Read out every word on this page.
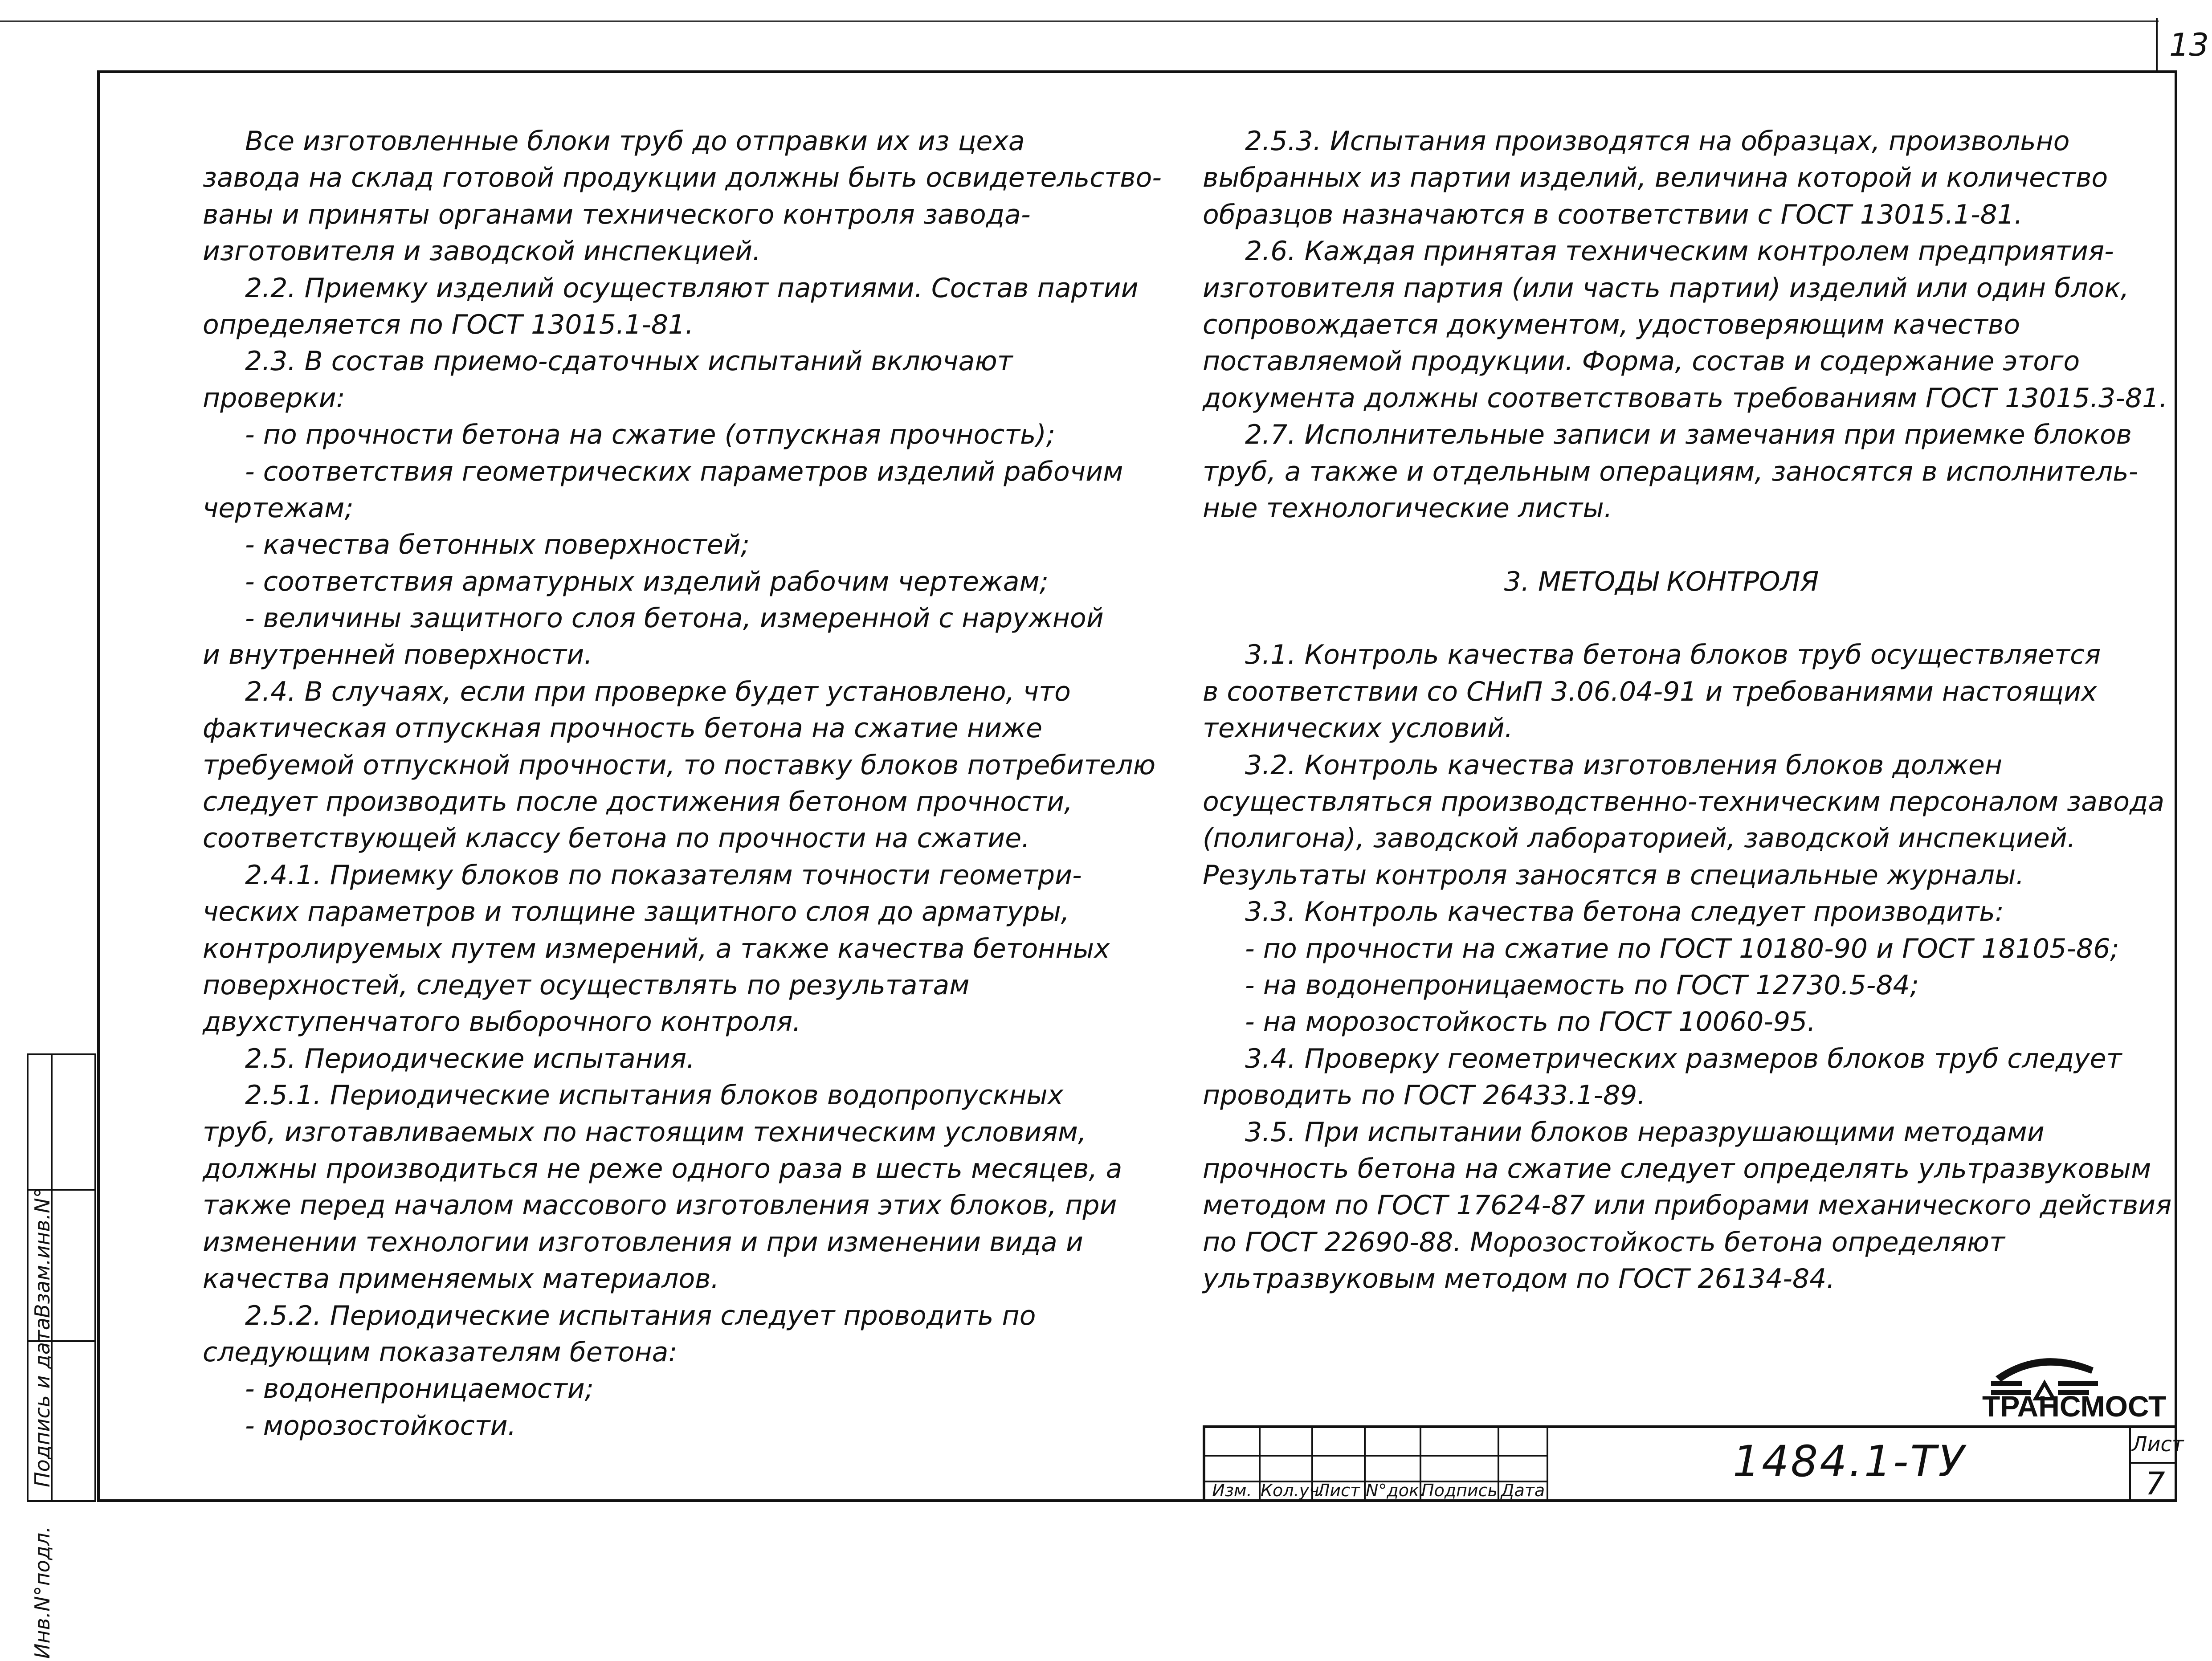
13
Все изготовленные блоки труб до отправки их из цеха
завода на склад готовой продукции должны быть освидетельство-
ваны и приняты органами технического контроля завода-
изготовителя и заводской инспекцией.
2.2. Приемку изделий осуществляют партиями. Состав партии
определяется по ГОСТ 13015.1-81.
2.3. В состав приемо-сдаточных испытаний включают
проверки:
- по прочности бетона на сжатие (отпускная прочность);
- соответствия геометрических параметров изделий рабочим
чертежам;
- качества бетонных поверхностей;
- соответствия арматурных изделий рабочим чертежам;
- величины защитного слоя бетона, измеренной с наружной
и внутренней поверхности.
2.4. В случаях, если при проверке будет установлено, что
фактическая отпускная прочность бетона на сжатие ниже
требуемой отпускной прочности, то поставку блоков потребителю
следует производить после достижения бетоном прочности,
соответствующей классу бетона по прочности на сжатие.
2.4.1. Приемку блоков по показателям точности геометри-
ческих параметров и толщине защитного слоя до арматуры,
контролируемых путем измерений, а также качества бетонных
поверхностей, следует осуществлять по результатам
двухступенчатого выборочного контроля.
2.5. Периодические испытания.
2.5.1. Периодические испытания блоков водопропускных
труб, изготавливаемых по настоящим техническим условиям,
должны производиться не реже одного раза в шесть месяцев, а
также перед началом массового изготовления этих блоков, при
изменении технологии изготовления и при изменении вида и
качества применяемых материалов.
2.5.2. Периодические испытания следует проводить по
следующим показателям бетона:
- водонепроницаемости;
- морозостойкости.
2.5.3. Испытания производятся на образцах, произвольно
выбранных из партии изделий, величина которой и количество
образцов назначаются в соответствии с ГОСТ 13015.1-81.
2.6. Каждая принятая техническим контролем предприятия-
изготовителя партия (или часть партии) изделий или один блок,
сопровождается документом, удостоверяющим качество
поставляемой продукции. Форма, состав и содержание этого
документа должны соответствовать требованиям ГОСТ 13015.3-81.
2.7. Исполнительные записи и замечания при приемке блоков
труб, а также и отдельным операциям, заносятся в исполнитель-
ные технологические листы.
3. МЕТОДЫ КОНТРОЛЯ
3.1. Контроль качества бетона блоков труб осуществляется
в соответствии со СНиП 3.06.04-91 и требованиями настоящих
технических условий.
3.2. Контроль качества изготовления блоков должен
осуществляться производственно-техническим персоналом завода
(полигона), заводской лабораторией, заводской инспекцией.
Результаты контроля заносятся в специальные журналы.
3.3. Контроль качества бетона следует производить:
- по прочности на сжатие по ГОСТ 10180-90 и ГОСТ 18105-86;
- на водонепроницаемость по ГОСТ 12730.5-84;
- на морозостойкость по ГОСТ 10060-95.
3.4. Проверку геометрических размеров блоков труб следует
проводить по ГОСТ 26433.1-89.
3.5. При испытании блоков неразрушающими методами
прочность бетона на сжатие следует определять ультразвуковым
методом по ГОСТ 17624-87 или приборами механического действия
по ГОСТ 22690-88. Морозостойкость бетона определяют
ультразвуковым методом по ГОСТ 26134-84.
Взам.инв.N°
Подпись и дата
Инв.N°подл.
ТРАНСМОСТ
Изм. Кол.уч.
Лист N°док.
Подпись Дата
1484.1-ТУ	Лист
7
